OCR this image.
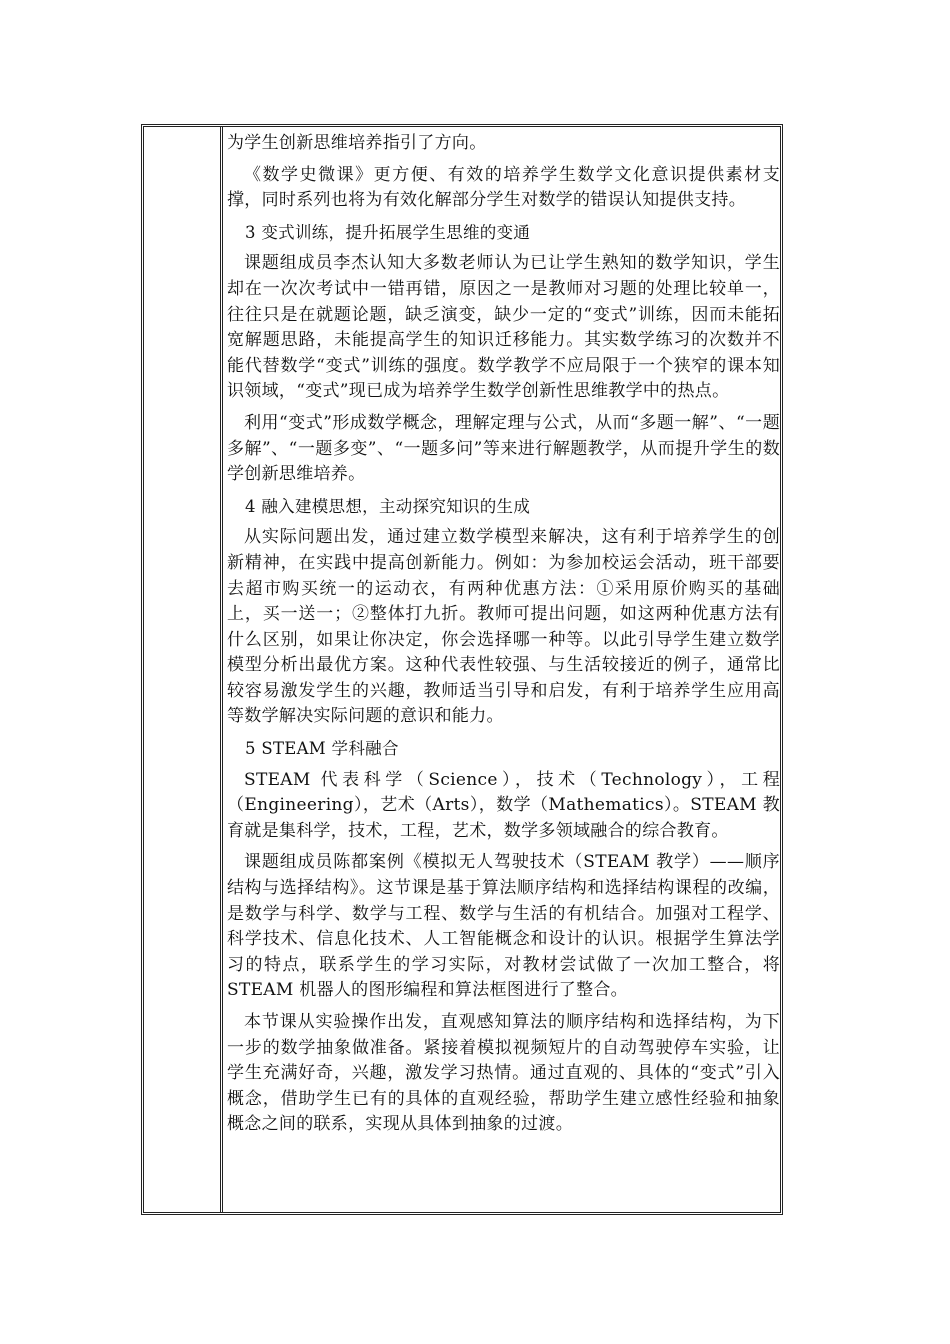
为学生创新思维培养指引了方向。

《数学史微课》更方便、有效的培养学生数学文化意识提供素材支撑，同时系列也将为有效化解部分学生对数学的错误认知提供支持。

3 变式训练，提升拓展学生思维的变通

课题组成员李杰认知大多数老师认为已让学生熟知的数学知识，学生却在一次次考试中一错再错，原因之一是教师对习题的处理比较单一，往往只是在就题论题，缺乏演变，缺少一定的“变式”训练，因而未能拓宽解题思路，未能提高学生的知识迁移能力。其实数学练习的次数并不能代替数学“变式”训练的强度。数学教学不应局限于一个狭窄的课本知识领域，“变式”现已成为培养学生数学创新性思维教学中的热点。

利用“变式”形成数学概念，理解定理与公式，从而“多题一解”、“一题多解”、“一题多变”、“一题多问”等来进行解题教学，从而提升学生的数学创新思维培养。

4 融入建模思想，主动探究知识的生成

从实际问题出发，通过建立数学模型来解决，这有利于培养学生的创新精神，在实践中提高创新能力。例如：为参加校运会活动，班干部要去超市购买统一的运动衣，有两种优惠方法：①采用原价购买的基础上，买一送一；②整体打九折。教师可提出问题，如这两种优惠方法有什么区别，如果让你决定，你会选择哪一种等。以此引导学生建立数学模型分析出最优方案。这种代表性较强、与生活较接近的例子，通常比较容易激发学生的兴趣，教师适当引导和启发，有利于培养学生应用高等数学解决实际问题的意识和能力。

5 STEAM 学科融合

STEAM 代表科学（Science），技术（Technology），工程（Engineering），艺术（Arts），数学（Mathematics）。STEAM 教育就是集科学，技术，工程，艺术，数学多领域融合的综合教育。

课题组成员陈都案例《模拟无人驾驶技术（STEAM 教学）——顺序结构与选择结构》。这节课是基于算法顺序结构和选择结构课程的改编，是数学与科学、数学与工程、数学与生活的有机结合。加强对工程学、科学技术、信息化技术、人工智能概念和设计的认识。根据学生算法学习的特点，联系学生的学习实际，对教材尝试做了一次加工整合，将 STEAM 机器人的图形编程和算法框图进行了整合。

本节课从实验操作出发，直观感知算法的顺序结构和选择结构，为下一步的数学抽象做准备。紧接着模拟视频短片的自动驾驶停车实验，让学生充满好奇，兴趣，激发学习热情。通过直观的、具体的“变式”引入概念，借助学生已有的具体的直观经验，帮助学生建立感性经验和抽象概念之间的联系，实现从具体到抽象的过渡。
